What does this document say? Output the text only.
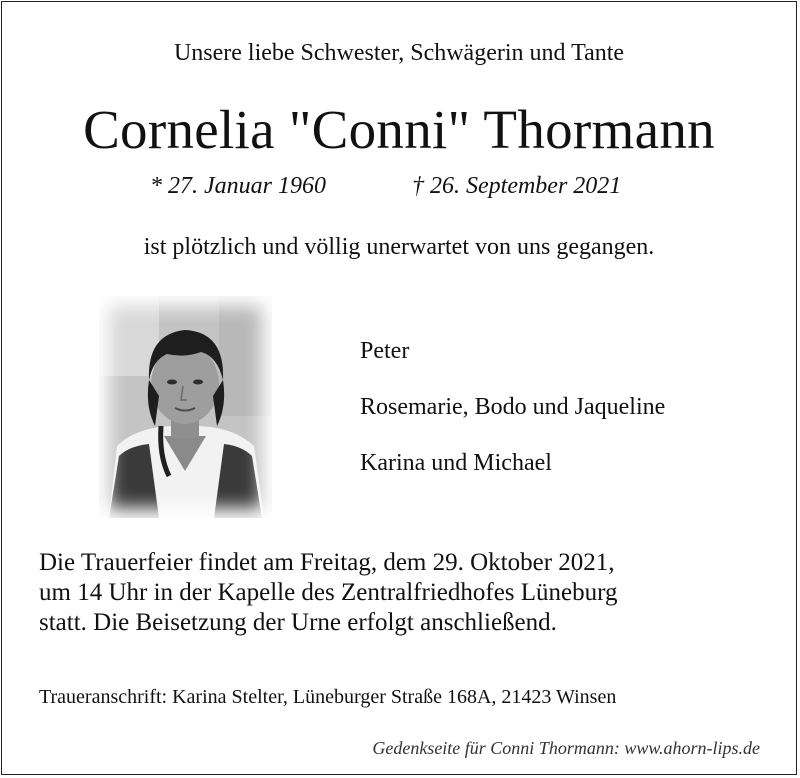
Unsere liebe Schwester, Schwägerin und Tante
Cornelia "Conni" Thormann
* 27. Januar 1960	† 26. September 2021
ist plötzlich und völlig unerwartet von uns gegangen.
Peter
Rosemarie, Bodo und Jaqueline
Karina und Michael
Die Trauerfeier findet am Freitag, dem 29. Oktober 2021,
um 14 Uhr in der Kapelle des Zentralfriedhofes Lüneburg
statt. Die Beisetzung der Urne erfolgt anschließend.
Traueranschrift: Karina Stelter, Lüneburger Straße 168A, 21423 Winsen
Gedenkseite für Conni Thormann: www.ahorn-lips.de
